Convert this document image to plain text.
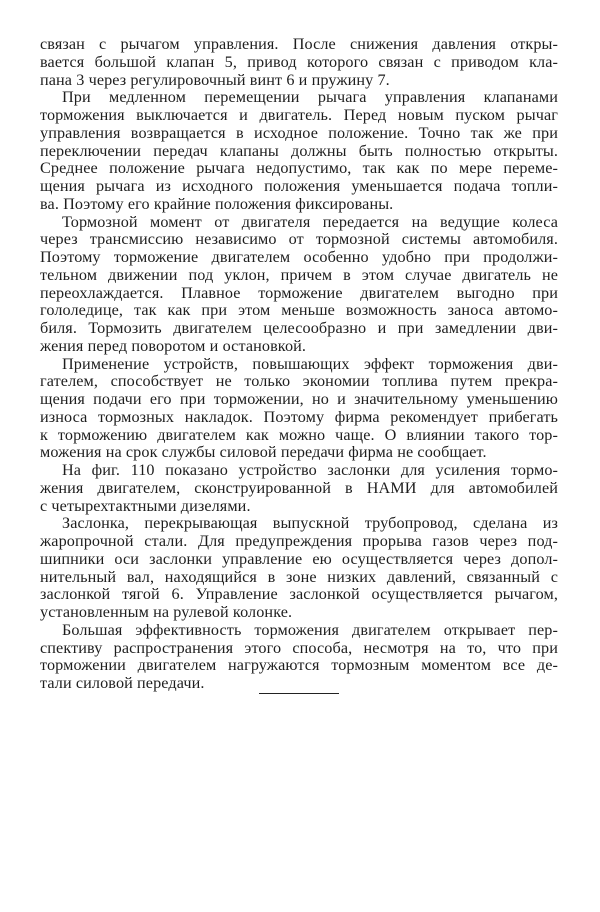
связан с рычагом управления. После снижения давления откры-
вается большой клапан 5, привод которого связан с приводом кла-
пана 3 через регулировочный винт 6 и пружину 7.
При медленном перемещении рычага управления клапанами
торможения выключается и двигатель. Перед новым пуском рычаг
управления возвращается в исходное положение. Точно так же при
переключении передач клапаны должны быть полностью открыты.
Среднее положение рычага недопустимо, так как по мере переме-
щения рычага из исходного положения уменьшается подача топли-
ва. Поэтому его крайние положения фиксированы.
Тормозной момент от двигателя передается на ведущие колеса
через трансмиссию независимо от тормозной системы автомобиля.
Поэтому торможение двигателем особенно удобно при продолжи-
тельном движении под уклон, причем в этом случае двигатель не
переохлаждается. Плавное торможение двигателем выгодно при
гололедице, так как при этом меньше возможность заноса автомо-
биля. Тормозить двигателем целесообразно и при замедлении дви-
жения перед поворотом и остановкой.
Применение устройств, повышающих эффект торможения дви-
гателем, способствует не только экономии топлива путем прекра-
щения подачи его при торможении, но и значительному уменьшению
износа тормозных накладок. Поэтому фирма рекомендует прибегать
к торможению двигателем как можно чаще. О влиянии такого тор-
можения на срок службы силовой передачи фирма не сообщает.
На фиг. 110 показано устройство заслонки для усиления тормо-
жения двигателем, сконструированной в НАМИ для автомобилей
с четырехтактными дизелями.
Заслонка, перекрывающая выпускной трубопровод, сделана из
жаропрочной стали. Для предупреждения прорыва газов через под-
шипники оси заслонки управление ею осуществляется через допол-
нительный вал, находящийся в зоне низких давлений, связанный с
заслонкой тягой 6. Управление заслонкой осуществляется рычагом,
установленным на рулевой колонке.
Большая эффективность торможения двигателем открывает пер-
спективу распространения этого способа, несмотря на то, что при
торможении двигателем нагружаются тормозным моментом все де-
тали силовой передачи.
